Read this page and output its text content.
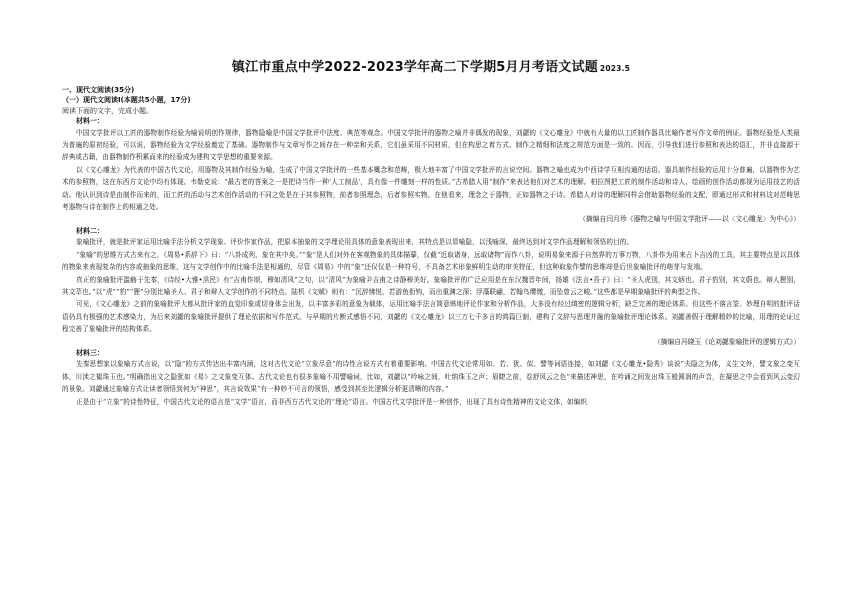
镇江市重点中学2022-2023学年高二下学期5月月考语文试题 2023.5

一、现代文阅读(35分)

（一）现代文阅读Ⅰ(本题共5小题，17分)

阅读下面的文字，完成小题。

材料一：

中国文学批评以工匠的器物制作经验为喻说明创作规律，器物隐喻是中国文学批评中法度、典范等观念。中国文学批评的器物之喻并非偶发的现象，刘勰的《文心雕龙》中就有大量的以工匠制作器具比喻作者写作文章的例证。器物经验是人类最为普遍的原初经验，可以说，器物经验为文学经验奠定了基础。器物制作与文章写作之间存在一种亲和关系，它们虽采用不同材质，但在构思之着方式、制作之精细和法度之规范方面是一致的。因而，引导我们进行参照和表达的语汇，并非直接源于辞典或古籍，由器物制作积累而来的经验成为建构文学思想的重要来源。

以《文心雕龙》为代表的中国古代文论，用器物及其制作经验为喻，生成了中国文学批评的一些基本概念和范畴，极大地丰富了中国文学批评的言说空间。器物之喻也成为中西诗学互相沟通的话语。器具制作经验的运用十分普遍，以器物作为艺术的参照物，这在东西方文论中均有体现。韦勒克说：“最古老的答案之一是把诗当作一种‘人工制品’，具有像一件雕刻一样的性质。”古希腊人用“制作”来表达他们对艺术的理解。柏拉图把工匠的制作活动和诗人、绘画的创作活动都视为运用技艺的活动。他认识到诗是由制作而来的，而工匠的活动与艺术创作活动的不同之处是在于其参照物，前者参照理念，后者参照实物。在他看来，理念之于器物，正如器物之于诗。希腊人对诗的理解同样会借助器物经验的支配，即通过形式和材料这对范畴思考器物与诗在制作上的相通之处。

（摘编自闫月珍《器物之喻与中国文学批评——以〈文心雕龙〉为中心》）

材料二：

象喻批评，就是批评家运用比喻手法分析文学现象、评价作家作品，把原本抽象的文学理论用具体的意象表现出来，其特点是以显喻隐，以浅喻深，最终达到对文学作品理解和领悟的目的。

“象喻”的思维方式古来有之，《周易•系辞下》曰：“八卦成列，象在其中矣。”“象”是人们对外在客观物象的具体描摹，仅截“近取诸身，远取诸物”而作八卦，说明易象来源于自然界的万事万物，八卦作为用来占卜吉凶的工具，其主要特点是以具体的物象来表现复杂的内容或抽象的思维，这与文学创作中的比喻手法是相通的，尽管《周易》中的“象”还仅仅是一种符号，不具备艺术形象鲜明生动的审美特征，但这种取象作譬的思维却是后世象喻批评的萌芽与发端。

真正的象喻批评滥觞于先秦，《诗经•大雅•烝民》有“吉甫作颂，穆如清风”之句，以“清风”为象喻尹吉甫之诗静穆美好。象喻批评的广泛应用是在东汉魏晋年间，扬雄《法言•吾子》曰：“圣人虎别，其文炳也。君子豹别，其文蔚也。辩人狸别，其文萃也。”以“虎”“豹”“狸”分别比喻圣人、君子和辩人文学创作的不同特点。陆机《文赋》则有：“沉辞怫悦，若游鱼衔钩，而出重渊之深；浮藻联翩，若翰鸟缨缴，而坠曾云之峻。”这些都是早期象喻批评的典型之作。

可见，《文心雕龙》之前的象喻批评大都从批评家的直觉印象或切身体会出发，以丰富多彩的意象为载体，运用比喻手法言简意赅地评论作家和分析作品，大多没有经过缜密的逻辑分析，缺乏完善的理论体系。但这些不落言筌、妙理自明的批评话语仍具有极强的艺术感染力，为后来刘勰的象喻批评提供了理论依据和写作范式。与早期的片断式感悟不同，刘勰的《文心雕龙》以三万七千多言的鸿篇巨制，建构了文辞与思理并融的象喻批评理论体系。刘勰善假于理解精妙的比喻，用理的论证过程完善了象喻批评的结构体系。

（摘编自冯晓玉《论刘勰象喻批评的逻辑方式》）

材料三：

先秦思想家以象喻方式言说，以“隐”的方式传达出丰富内涵，这对古代文论“立象尽意”的诗性言说方式有着重要影响。中国古代文论常用如、若、犹、似、譬等词语连接，如刘勰《文心雕龙•隐秀》谈说“夫隐之为体，义生文外，譬文象之变互体，川渎之韫珠玉也。”明确指出文之隐犹如《易》之文象变互体。古代文论也有很多象喻不用譬喻词，比如，刘勰以“吟咏之间，吐纳珠玉之声；眉睫之前，卷舒风云之色”来描述神思，在吟诵之间发出珠玉般圆润的声音，在凝思之中会看到风云变幻的景象。刘勰通过象喻方式让读者领悟到何为“神思”，其言说效果“有一种妙不可言的领悟，感受到甚至比逻辑分析更清晰的内容。”

正是由于“立象”的诗性特征，中国古代文论的语言是“文学”语言，而非西方古代文论的“理论”语言。中国古代文学批评是一种创作，出现了具有诗性精神的文论文体，如编织
